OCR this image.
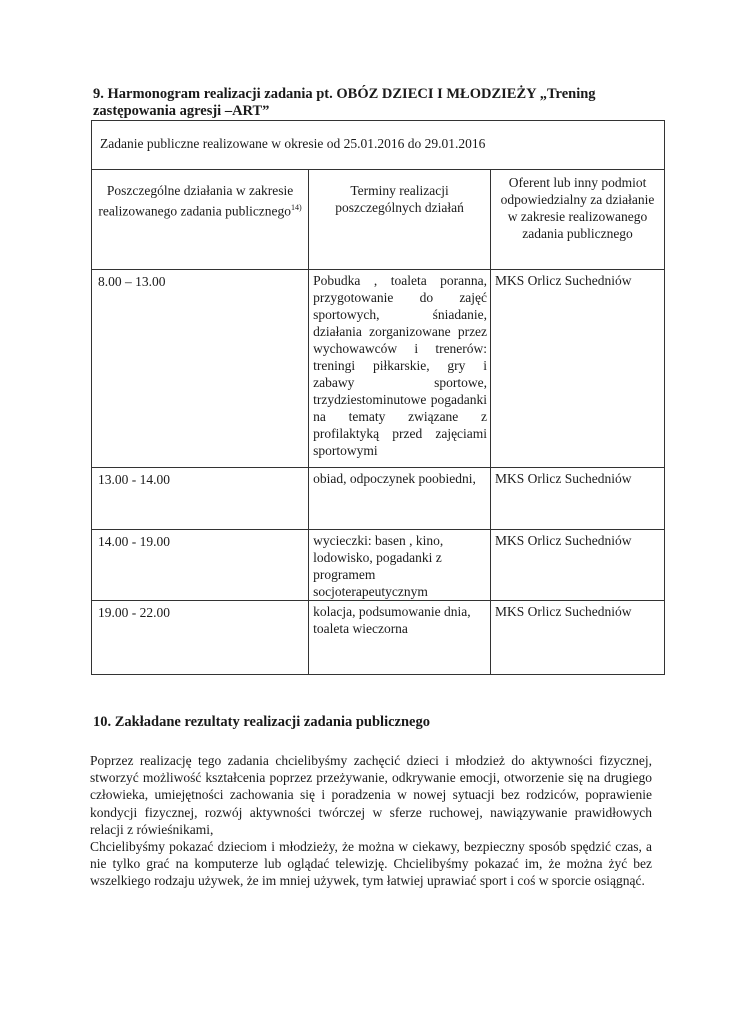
9. Harmonogram realizacji zadania pt. OBÓZ DZIECI I MŁODZIEŻY „Trening zastępowania agresji –ART”
Zadanie publiczne realizowane w okresie od 25.01.2016 do 29.01.2016		

Poszczególne działania w zakresie realizowanego zadania publicznego$^{14)}$	Terminy realizacji poszczególnych działań	Oferent lub inny podmiot odpowiedzialny za działanie w zakresie realizowanego zadania publicznego

8.00 – 13.00	Pobudka , toaleta poranna, przygotowanie do zajęć sportowych, śniadanie, działania zorganizowane przez wychowawców i trenerów: treningi piłkarskie, gry i zabawy sportowe, trzydziestominutowe pogadanki na tematy związane z profilaktyką przed zajęciami sportowymi	MKS Orlicz Suchedniów
13.00 - 14.00	obiad, odpoczynek poobiedni,	MKS Orlicz Suchedniów
14.00 - 19.00	wycieczki: basen , kino, lodowisko, pogadanki z programem socjoterapeutycznym	MKS Orlicz Suchedniów
19.00 - 22.00	kolacja, podsumowanie dnia, toaleta wieczorna	MKS Orlicz Suchedniów
10. Zakładane rezultaty realizacji zadania publicznego

Poprzez realizację tego zadania chcielibyśmy zachęcić dzieci i młodzież do aktywności fizycznej, stworzyć możliwość kształcenia poprzez przeżywanie, odkrywanie emocji, otworzenie się na drugiego człowieka, umiejętności zachowania się i poradzenia w nowej sytuacji bez rodziców, poprawienie kondycji fizycznej, rozwój aktywności twórczej w sferze ruchowej, nawiązywanie prawidłowych relacji z rówieśnikami,

Chcielibyśmy pokazać dzieciom i młodzieży, że można w ciekawy, bezpieczny sposób spędzić czas, a nie tylko grać na komputerze lub oglądać telewizję. Chcielibyśmy pokazać im, że można żyć bez wszelkiego rodzaju używek, że im mniej używek, tym łatwiej uprawiać sport i coś w sporcie osiągnąć.
